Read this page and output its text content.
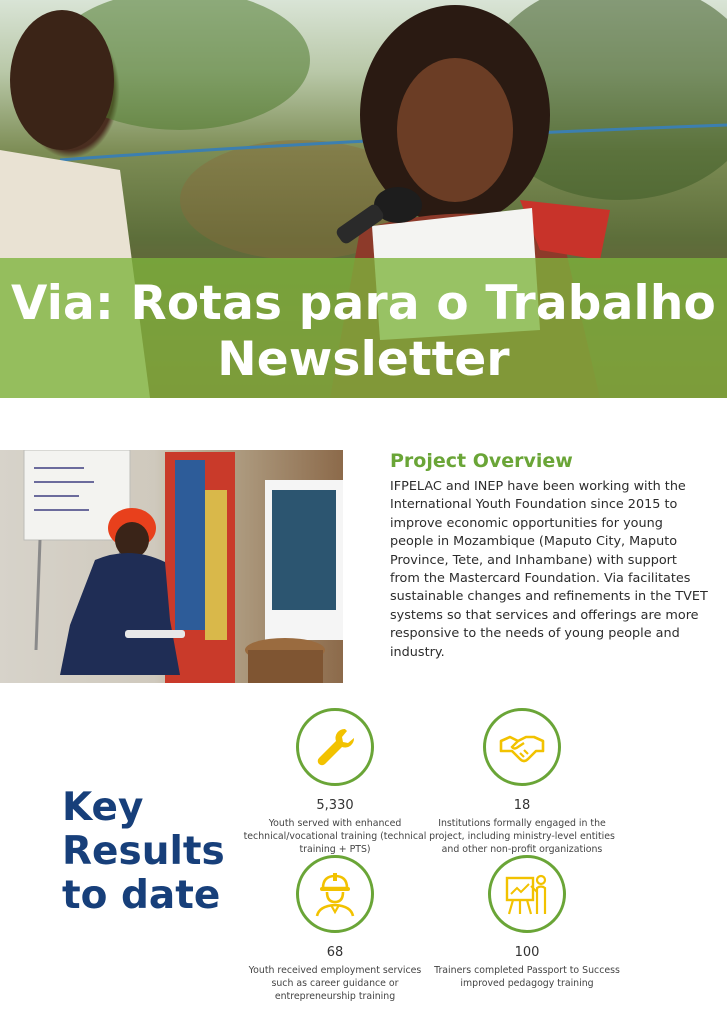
Via: Rotas para o Trabalho
Newsletter
Project Overview
IFPELAC and INEP have been working with the International Youth Foundation since 2015 to improve economic opportunities for young people in Mozambique (Maputo City, Maputo Province, Tete, and Inhambane) with support from the Mastercard Foundation. Via facilitates sustainable changes and refinements in the TVET systems so that services and offerings are more responsive to the needs of young people and industry.
Key
Results
to date
5,330
Youth served with enhanced technical/vocational training (technical training + PTS)
18
Institutions formally engaged in the project, including ministry-level entities and other non-profit organizations
68
Youth received employment services such as career guidance or entrepreneurship training
100
Trainers completed Passport to Success improved pedagogy training
